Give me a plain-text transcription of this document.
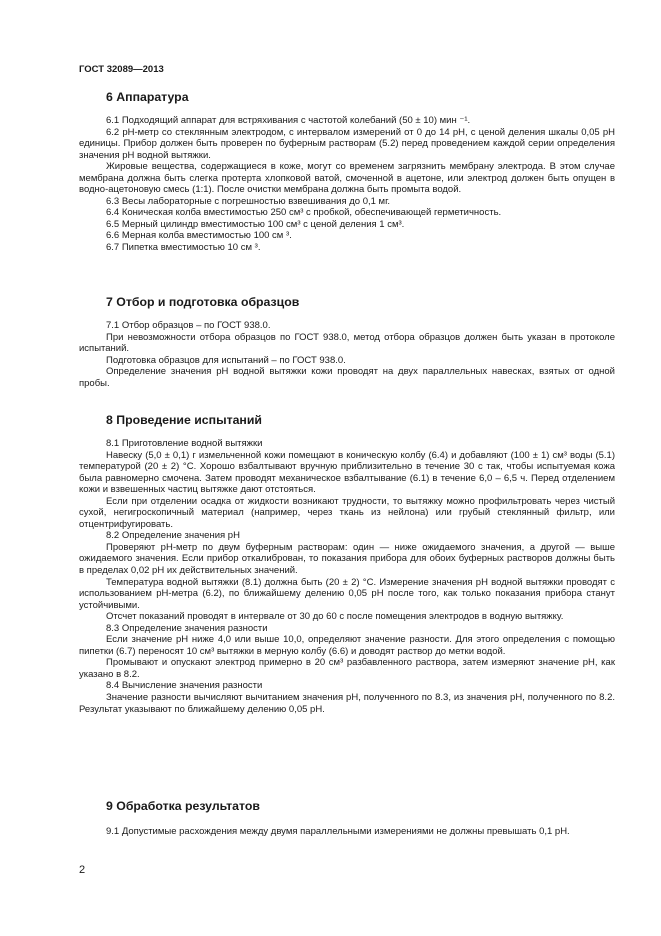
ГОСТ 32089—2013
6 Аппаратура

6.1 Подходящий аппарат для встряхивания с частотой колебаний (50 ± 10) мин ⁻¹.

6.2 рН-метр со стеклянным электродом, с интервалом измерений от 0 до 14 рН, с ценой деления шкалы 0,05 рН единицы. Прибор должен быть проверен по буферным растворам (5.2) перед проведением каждой серии определения значения рН водной вытяжки.

Жировые вещества, содержащиеся в коже, могут со временем загрязнить мембрану электрода. В этом случае мембрана должна быть слегка протерта хлопковой ватой, смоченной в ацетоне, или электрод должен быть опущен в водно-ацетоновую смесь (1:1). После очистки мембрана должна быть промыта водой.

6.3 Весы лабораторные с погрешностью взвешивания до 0,1 мг.

6.4 Коническая колба вместимостью 250 см³ с пробкой, обеспечивающей герметичность.

6.5 Мерный цилиндр вместимостью 100 см³ с ценой деления 1 см³.

6.6 Мерная колба вместимостью 100 см ³.

6.7 Пипетка вместимостью 10 см ³.

7 Отбор и подготовка образцов

7.1 Отбор образцов – по ГОСТ 938.0.

При невозможности отбора образцов по ГОСТ 938.0, метод отбора образцов должен быть указан в протоколе испытаний.

Подготовка образцов для испытаний – по ГОСТ 938.0.

Определение значения рН водной вытяжки кожи проводят на двух параллельных навесках, взятых от одной пробы.

8 Проведение испытаний

8.1 Приготовление водной вытяжки

Навеску (5,0 ± 0,1) г измельченной кожи помещают в коническую колбу (6.4) и добавляют (100 ± 1) см³ воды (5.1) температурой (20 ± 2) °С. Хорошо взбалтывают вручную приблизительно в течение 30 с так, чтобы испытуемая кожа была равномерно смочена. Затем проводят механическое взбалтывание (6.1) в течение 6,0 – 6,5 ч. Перед отделением кожи и взвешенных частиц вытяжке дают отстояться.

Если при отделении осадка от жидкости возникают трудности, то вытяжку можно профильтровать через чистый сухой, негигроскопичный материал (например, через ткань из нейлона) или грубый стеклянный фильтр, или отцентрифугировать.

8.2 Определение значения рН

Проверяют рН-метр по двум буферным растворам: один — ниже ожидаемого значения, а другой — выше ожидаемого значения. Если прибор откалиброван, то показания прибора для обоих буферных растворов должны быть в пределах 0,02 рН их действительных значений.

Температура водной вытяжки (8.1) должна быть (20 ± 2) °С. Измерение значения рН водной вытяжки проводят с использованием рН-метра (6.2), по ближайшему делению 0,05 рН после того, как только показания прибора станут устойчивыми.

Отсчет показаний проводят в интервале от 30 до 60 с после помещения электродов в водную вытяжку.

8.3 Определение значения разности

Если значение рН ниже 4,0 или выше 10,0, определяют значение разности. Для этого определения с помощью пипетки (6.7) переносят 10 см³ вытяжки в мерную колбу (6.6) и доводят раствор до метки водой.

Промывают и опускают электрод примерно в 20 см³ разбавленного раствора, затем измеряют значение рН, как указано в 8.2.

8.4 Вычисление значения разности

Значение разности вычисляют вычитанием значения рН, полученного по 8.3, из значения рН, полученного по 8.2. Результат указывают по ближайшему делению 0,05 рН.

9 Обработка результатов

9.1 Допустимые расхождения между двумя параллельными измерениями не должны превышать 0,1 рН.

2
